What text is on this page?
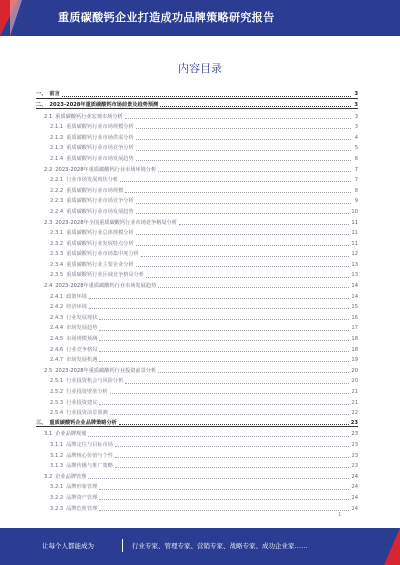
重质碳酸钙企业打造成功品牌策略研究报告
内容目录
一、 前言	3
二、 2023-2028年重质碳酸钙市场前景及趋势预测	3
2.1 重质碳酸钙行业宏观市场分析	3
2.1.1 重质碳酸钙行业市场规模分析	3
2.1.2 重质碳酸钙行业市场供需分析	4
2.1.3 重质碳酸钙行业市场竞争分析	5
2.1.4 重质碳酸钙行业市场发展趋势	6
2.2 2023-2028年重质碳酸钙行业市场环境分析	7
2.2.1 行业市场发展现状分析	7
2.2.2 重质碳酸钙行业市场规模	8
2.2.3 重质碳酸钙行业市场竞争分析	9
2.2.4 重质碳酸钙行业市场发展趋势	10
2.3 2023-2028年全国重质碳酸钙行业市场竞争格局分析	11
2.3.1 重质碳酸钙行业总体规模分析	11
2.3.2 重质碳酸钙行业发展特点分析	11
2.3.3 重质碳酸钙行业市场集中度分析	12
2.3.4 重质碳酸钙行业主要企业分析	13
2.3.5 重质碳酸钙行业区域竞争格局分析	13
2.4 2023-2028年重质碳酸钙行业市场发展趋势	14
2.4.1 政策环境	14
2.4.2 经济环境	15
2.4.3 行业发展现状	16
2.4.4 市场发展趋势	17
2.4.5 市场规模预测	18
2.4.6 行业竞争格局	18
2.4.7 市场发展机遇	19
2.5 2023-2028年重质碳酸钙行业投资前景分析	20
2.5.1 行业投资机会与风险分析	20
2.5.2 行业投资壁垒分析	21
2.5.3 行业投资建议	21
2.5.4 行业投资前景预测	22
三、 重质碳酸钙企业品牌策略分析	23
3.1 企业品牌规划	23
3.1.1 品牌定位与目标市场	23
3.1.2 品牌核心价值与个性	23
3.1.3 品牌传播与推广策略	23
3.2 企业品牌管理	24
3.2.1 品牌形象管理	24
3.2.2 品牌资产管理	24
3.2.3 品牌危机管理	24
1
让每个人都能成为	行业专家、管理专家、营销专家、战略专家、成功企业家……
